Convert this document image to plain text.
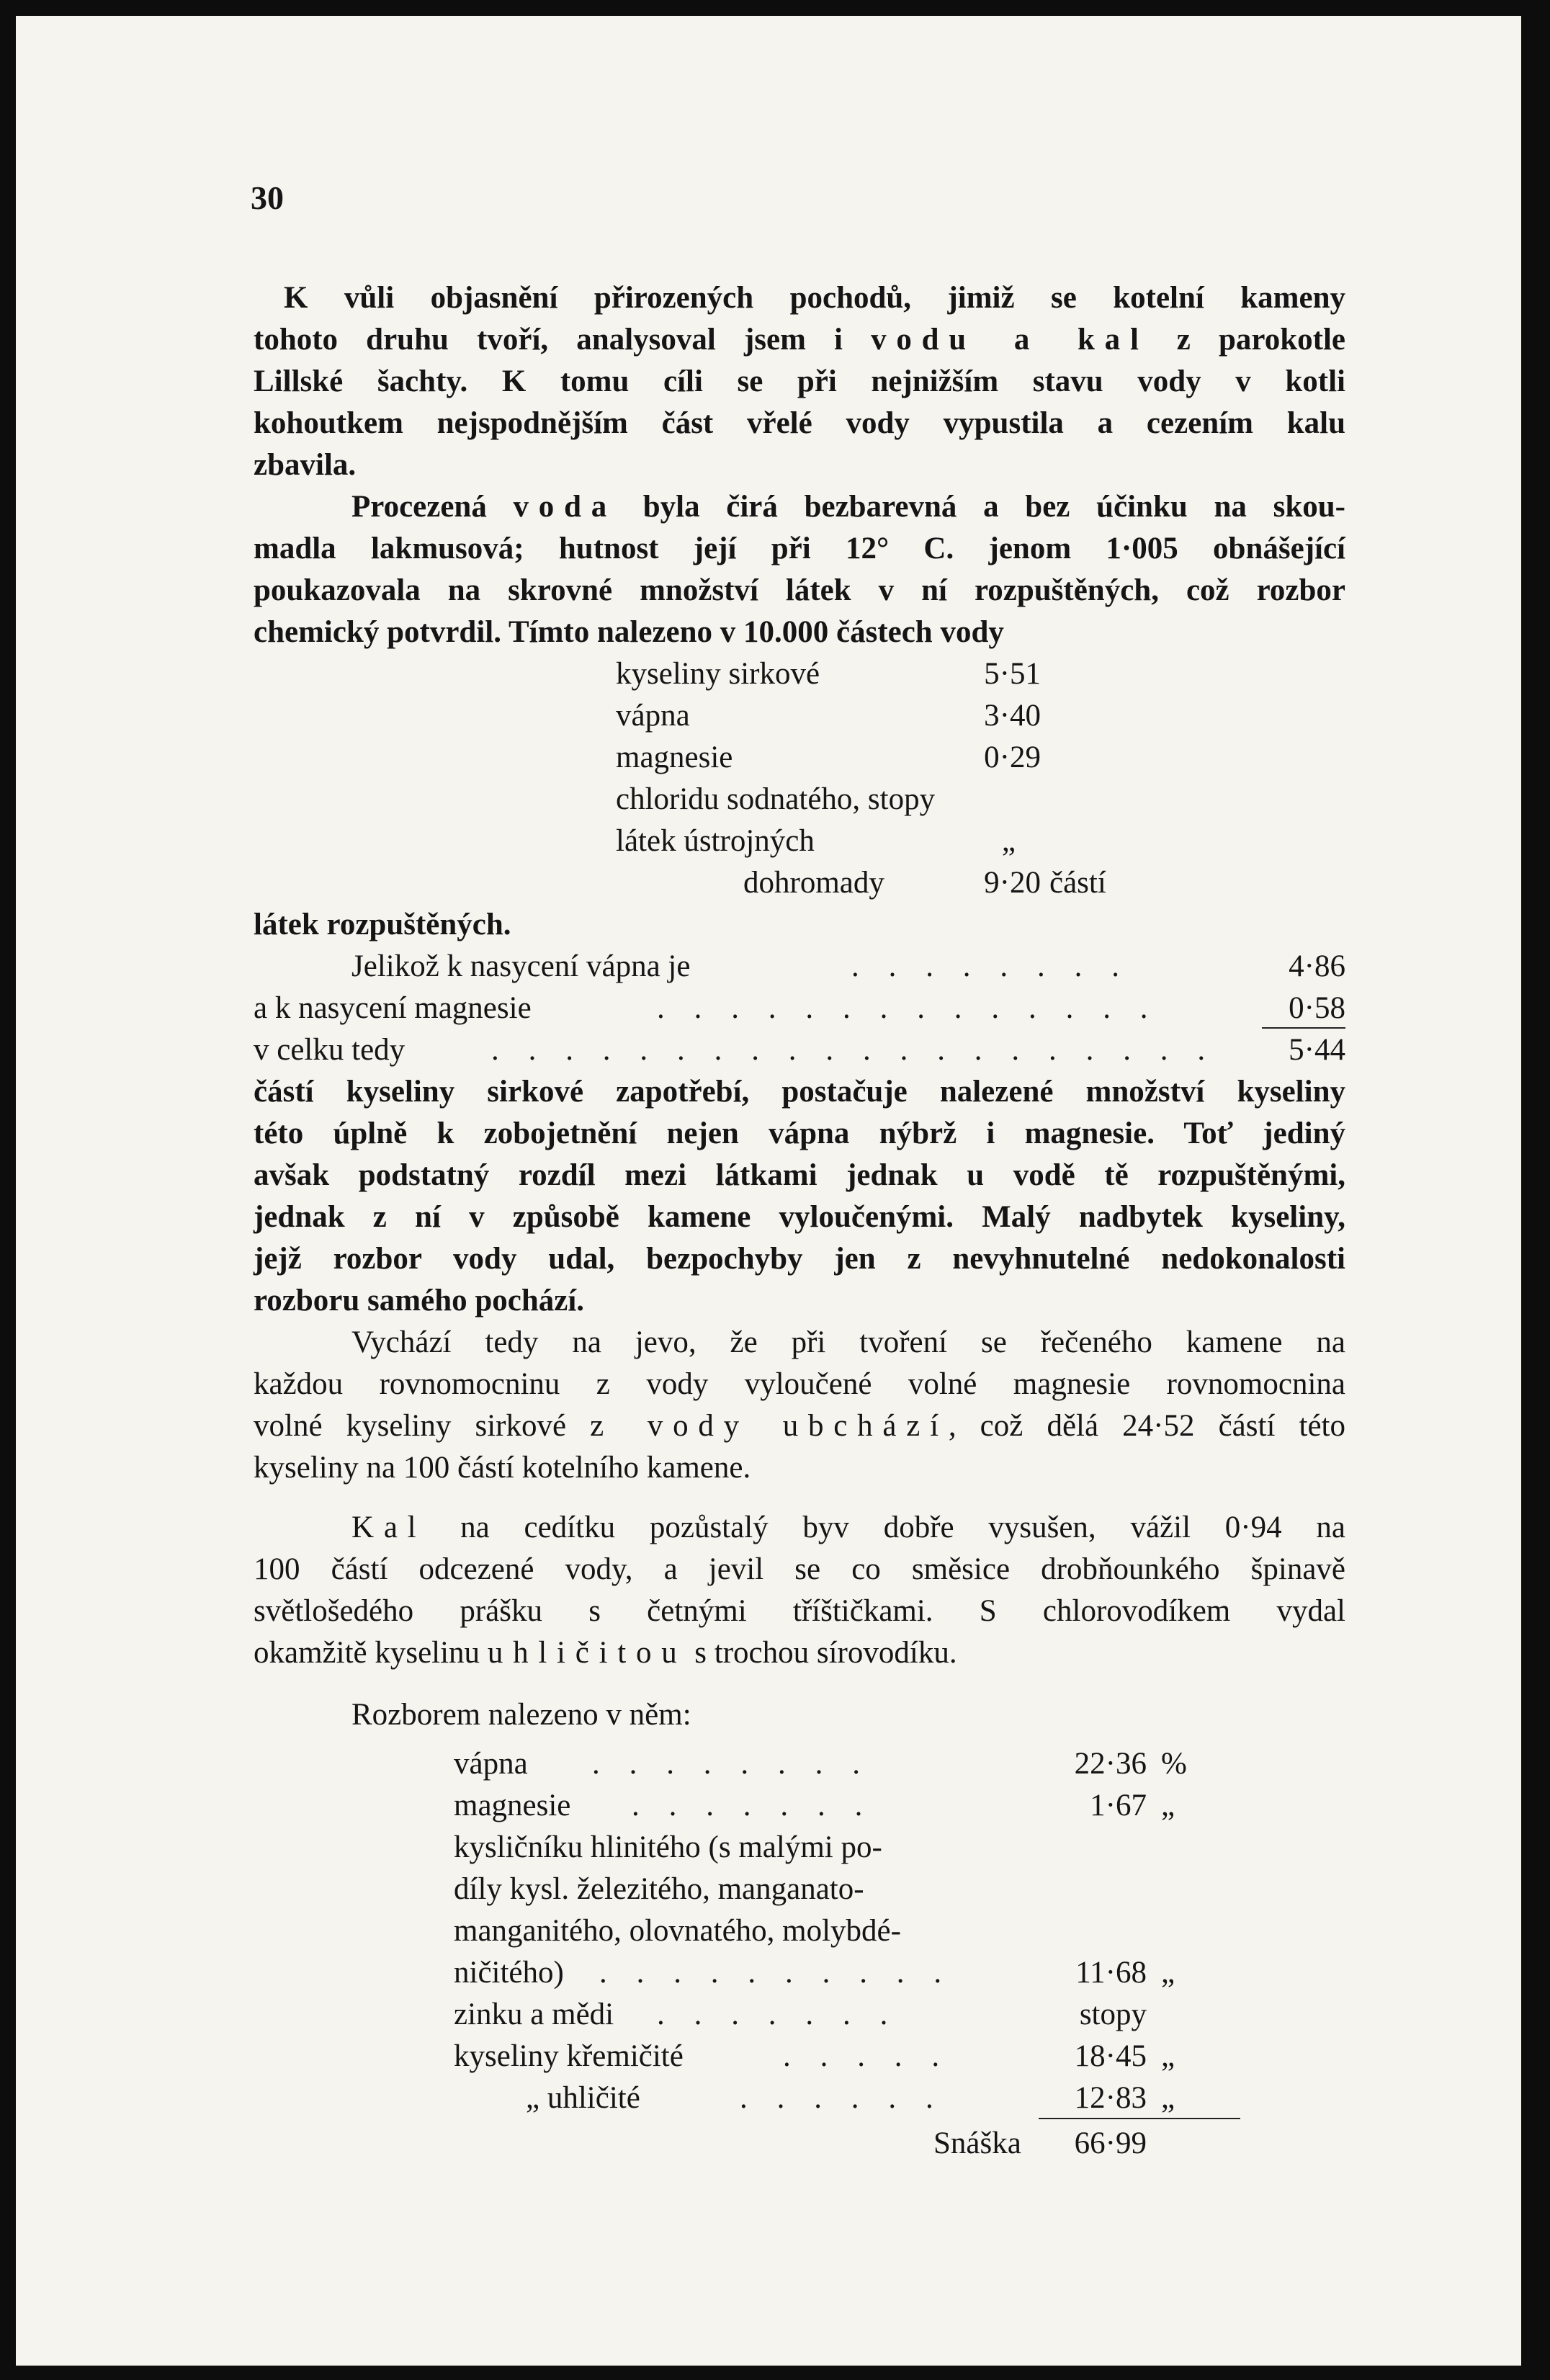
30
K vůli objasnění přirozených pochodů, jimiž se kotelní kameny
tohoto druhu tvoří, analysoval jsem i vodu a kal z parokotle
Lillské šachty. K tomu cíli se při nejnižším stavu vody v kotli
kohoutkem nejspodnějším část vřelé vody vypustila a cezením kalu
zbavila.
Procezená voda byla čirá bezbarevná a bez účinku na skou-
madla lakmusová; hutnost její při 12° C. jenom 1·005 obnášející
poukazovala na skrovné množství látek v ní rozpuštěných, což rozbor
chemický potvrdil. Tímto nalezeno v 10.000 částech vody
kyseliny sirkové	5·51
vápna	3·40
magnesie	0·29
chloridu sodnatého, stopy
látek ústrojných	„
dohromady	9·20 částí
látek rozpuštěných.
Jelikož k nasycení vápna je	. . . . . . . .	4·86
a k nasycení magnesie	. . . . . . . . . . . . . .	0·58
v celku tedy	. . . . . . . . . . . . . . . . . . . .	5·44
částí kyseliny sirkové zapotřebí, postačuje nalezené množství kyseliny
této úplně k zobojetnění nejen vápna nýbrž i magnesie. Toť jediný
avšak podstatný rozdíl mezi látkami jednak u vodě tě rozpuštěnými,
jednak z ní v způsobě kamene vyloučenými. Malý nadbytek kyseliny,
jejž rozbor vody udal, bezpochyby jen z nevyhnutelné nedokonalosti
rozboru samého pochází.
Vychází tedy na jevo, že při tvoření se řečeného kamene na
každou rovnomocninu z vody vyloučené volné magnesie rovnomocnina
volné kyseliny sirkové z vody ubchází, což dělá 24·52 částí této
kyseliny na 100 částí kotelního kamene.
Kal na cedítku pozůstalý byv dobře vysušen, vážil 0·94 na
100 částí odcezené vody, a jevil se co směsice drobňounkého špinavě
světlošedého prášku s četnými tříštičkami. S chlorovodíkem vydal
okamžitě kyselinu uhličitou s trochou sírovodíku.
Rozborem nalezeno v něm:
vápna . . . . . . . .	22·36 %
magnesie . . . . . . .	1·67 „
kysličníku hlinitého (s malými po-
díly kysl. železitého, manganato-
manganitého, olovnatého, molybdé-
ničitého) . . . . . . . . . .	11·68 „
zinku a mědi . . . . . . .	stopy
kyseliny křemičité	. . . . .	18·45 „
„ uhličité	. . . . . .	12·83 „
Snáška	66·99
